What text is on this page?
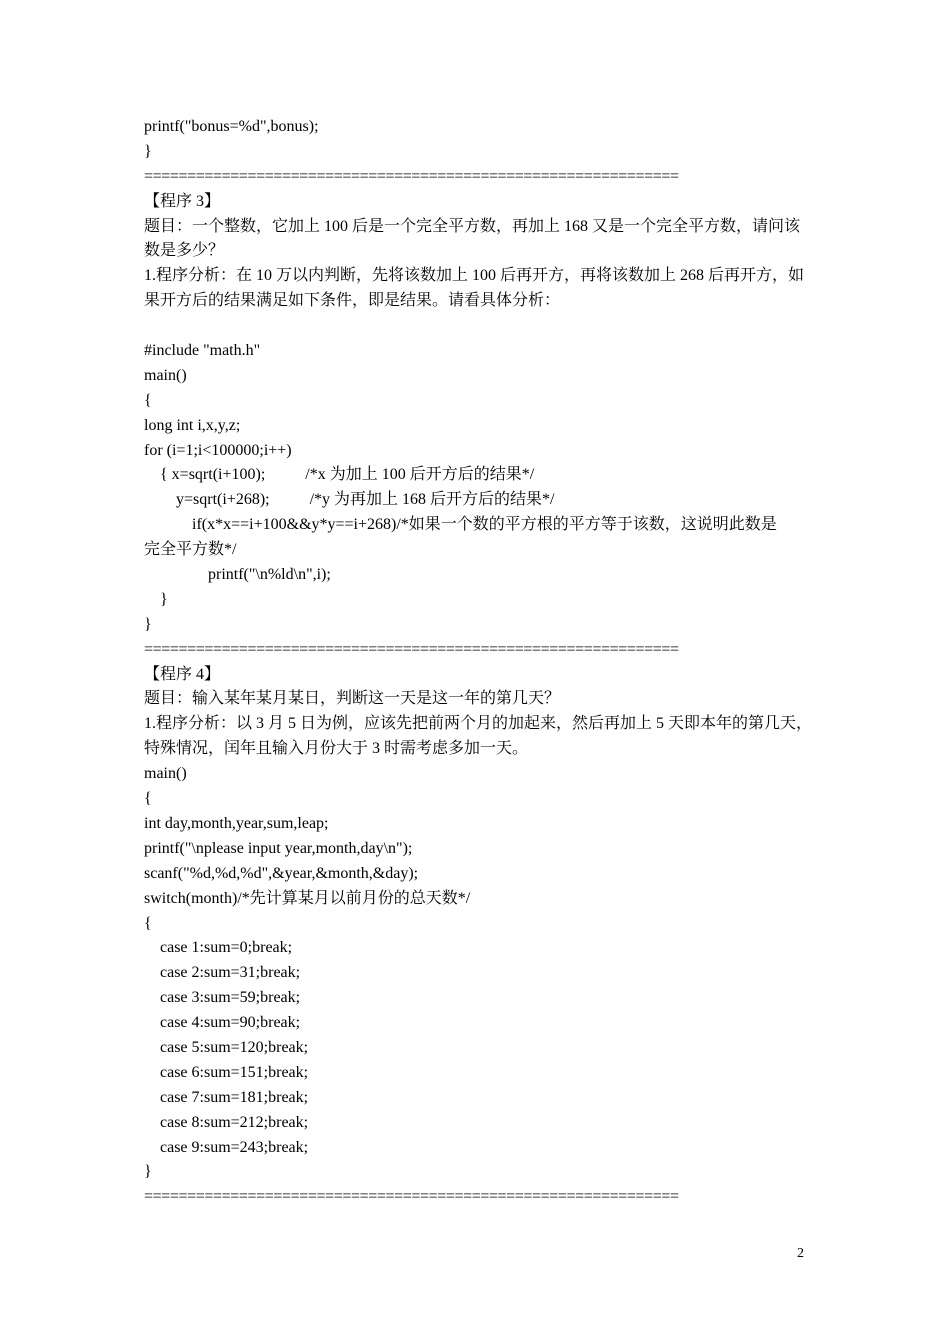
printf("bonus=%d",bonus);
}
==============================================================
【程序 3】
题目：一个整数，它加上 100 后是一个完全平方数，再加上 168 又是一个完全平方数，请问该
数是多少？
1.程序分析：在 10 万以内判断，先将该数加上 100 后再开方，再将该数加上 268 后再开方，如
果开方后的结果满足如下条件，即是结果。请看具体分析：
#include "math.h"
main()
{
long int i,x,y,z;
for (i=1;i<100000;i++)
{ x=sqrt(i+100);          /*x 为加上 100 后开方后的结果*/
y=sqrt(i+268);          /*y 为再加上 168 后开方后的结果*/
if(x*x==i+100&&y*y==i+268)/*如果一个数的平方根的平方等于该数，这说明此数是
完全平方数*/
printf("\n%ld\n",i);
}
}
==============================================================
【程序 4】
题目：输入某年某月某日，判断这一天是这一年的第几天？
1.程序分析：以 3 月 5 日为例，应该先把前两个月的加起来，然后再加上 5 天即本年的第几天，
特殊情况，闰年且输入月份大于 3 时需考虑多加一天。
main()
{
int day,month,year,sum,leap;
printf("\nplease input year,month,day\n");
scanf("%d,%d,%d",&year,&month,&day);
switch(month)/*先计算某月以前月份的总天数*/
{
case 1:sum=0;break;
case 2:sum=31;break;
case 3:sum=59;break;
case 4:sum=90;break;
case 5:sum=120;break;
case 6:sum=151;break;
case 7:sum=181;break;
case 8:sum=212;break;
case 9:sum=243;break;
}
==============================================================
2
